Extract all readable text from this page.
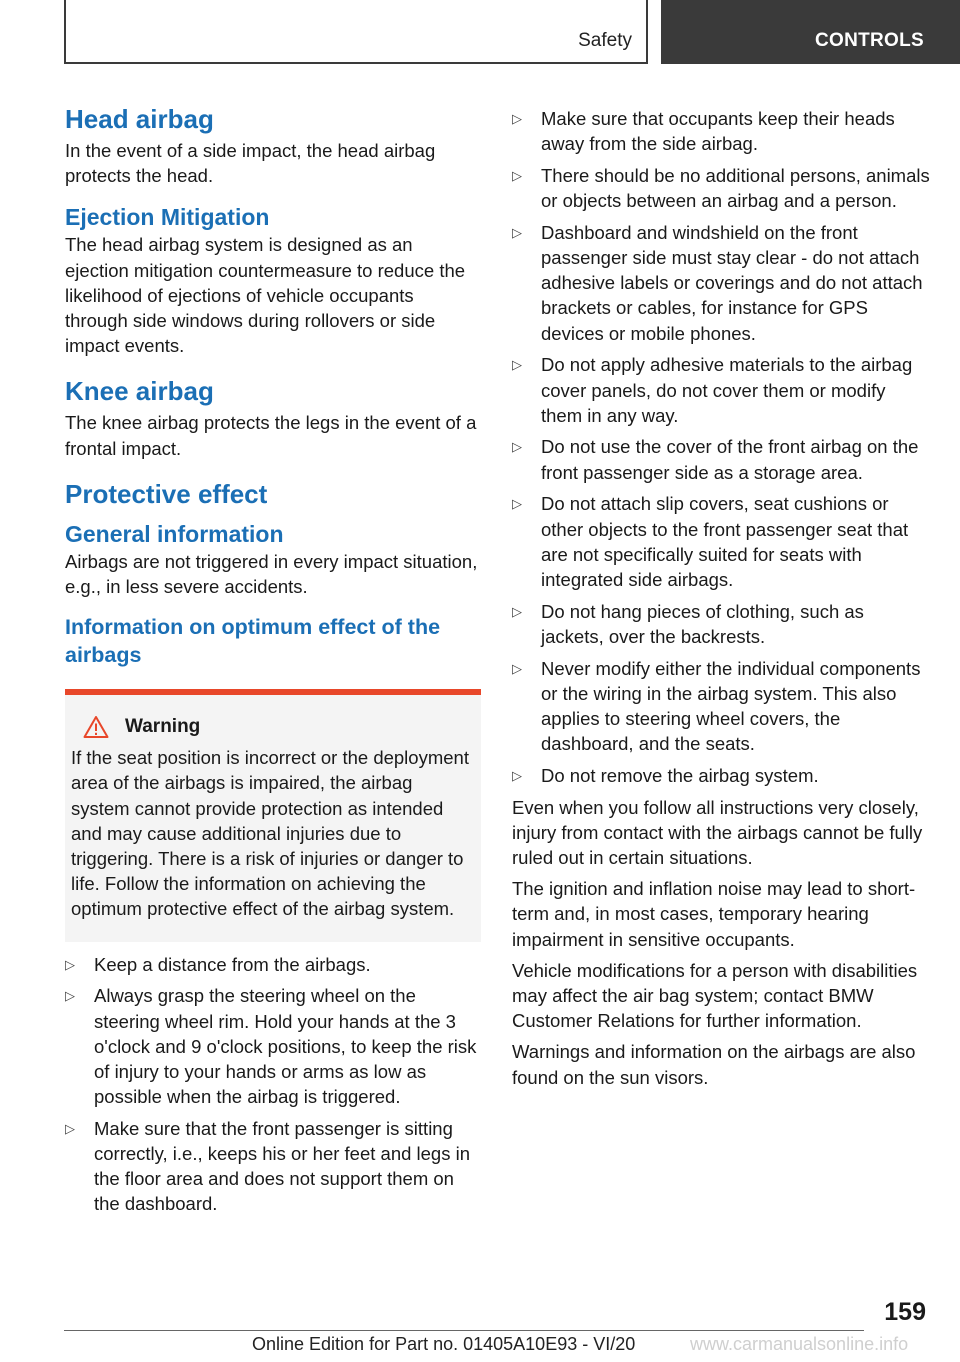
Safety	CONTROLS
Head airbag

In the event of a side impact, the head airbag protects the head.

Ejection Mitigation

The head airbag system is designed as an ejection mitigation countermeasure to reduce the likelihood of ejections of vehicle occupants through side windows during rollovers or side impact events.

Knee airbag

The knee airbag protects the legs in the event of a frontal impact.

Protective effect
General information

Airbags are not triggered in every impact situation, e.g., in less severe accidents.

Information on optimum effect of the airbags
Warning

If the seat position is incorrect or the deployment area of the airbags is impaired, the airbag system cannot provide protection as intended and may cause additional injuries due to triggering. There is a risk of injuries or danger to life. Follow the information on achieving the optimum protective effect of the airbag system.

▷ Keep a distance from the airbags.
▷ Always grasp the steering wheel on the steering wheel rim. Hold your hands at the 3 o'clock and 9 o'clock positions, to keep the risk of injury to your hands or arms as low as possible when the airbag is triggered.
▷ Make sure that the front passenger is sitting correctly, i.e., keeps his or her feet and legs in the floor area and does not support them on the dashboard.
▷ Make sure that occupants keep their heads away from the side airbag.
▷ There should be no additional persons, animals or objects between an airbag and a person.
▷ Dashboard and windshield on the front passenger side must stay clear - do not attach adhesive labels or coverings and do not attach brackets or cables, for instance for GPS devices or mobile phones.
▷ Do not apply adhesive materials to the airbag cover panels, do not cover them or modify them in any way.
▷ Do not use the cover of the front airbag on the front passenger side as a storage area.
▷ Do not attach slip covers, seat cushions or other objects to the front passenger seat that are not specifically suited for seats with integrated side airbags.
▷ Do not hang pieces of clothing, such as jackets, over the backrests.
▷ Never modify either the individual components or the wiring in the airbag system. This also applies to steering wheel covers, the dashboard, and the seats.
▷ Do not remove the airbag system.

Even when you follow all instructions very closely, injury from contact with the airbags cannot be fully ruled out in certain situations.

The ignition and inflation noise may lead to short-term and, in most cases, temporary hearing impairment in sensitive occupants.

Vehicle modifications for a person with disabilities may affect the air bag system; contact BMW Customer Relations for further information.

Warnings and information on the airbags are also found on the sun visors.

159
Online Edition for Part no. 01405A10E93 - VI/20	www.carmanualsonline.info
